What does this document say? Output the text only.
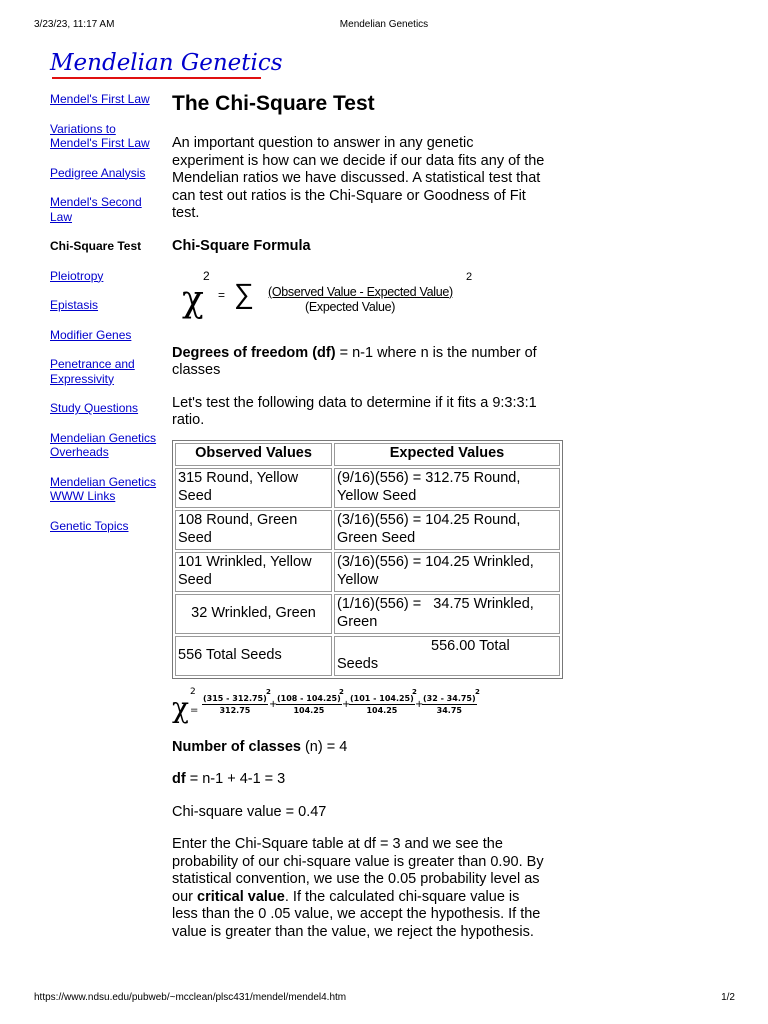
3/23/23, 11:17 AM	Mendelian Genetics
Mendelian Genetics
Mendel's First Law
Variations to
Mendel's First Law
Pedigree Analysis
Mendel's Second
Law
Chi-Square Test
Pleiotropy
Epistasis
Modifier Genes
Penetrance and
Expressivity
Study Questions
Mendelian Genetics
Overheads
Mendelian Genetics
WWW Links
Genetic Topics
The Chi-Square Test

An important question to answer in any genetic
experiment is how can we decide if our data fits any of the
Mendelian ratios we have discussed. A statistical test that
can test out ratios is the Chi-Square or Goodness of Fit
test.

Chi-Square Formula
χ
2
= ∑ (Observed Value - Expected Value)
2
(Expected Value)

Degrees of freedom (df) = n-1 where n is the number of
classes

Let's test the following data to determine if it fits a 9:3:3:1
ratio.

Observed Values	Expected Values
315 Round, Yellow
Seed	(9/16)(556) = 312.75 Round,
Yellow Seed
108 Round, Green
Seed	(3/16)(556) = 104.25 Round,
Green Seed
101 Wrinkled, Yellow
Seed	(3/16)(556) = 104.25 Wrinkled,
Yellow
32 Wrinkled, Green	(1/16)(556) =   34.75 Wrinkled,
Green
556 Total Seeds	556.00 Total
Seeds
χ 2
= $\frac{(315 - 312.75)}{312.75}$
2
+
$\frac{(108 - 104.25)}{104.25}$
2
+
$\frac{(101 - 104.25)}{104.25}$
2
+
$\frac{(32 - 34.75)}{34.75}$
2

Number of classes (n) = 4

df = n-1 + 4-1 = 3

Chi-square value = 0.47

Enter the Chi-Square table at df = 3 and we see the
probability of our chi-square value is greater than 0.90. By
statistical convention, we use the 0.05 probability level as
our critical value. If the calculated chi-square value is
less than the 0 .05 value, we accept the hypothesis. If the
value is greater than the value, we reject the hypothesis.

https://www.ndsu.edu/pubweb/~mcclean/plsc431/mendel/mendel4.htm	1/2
